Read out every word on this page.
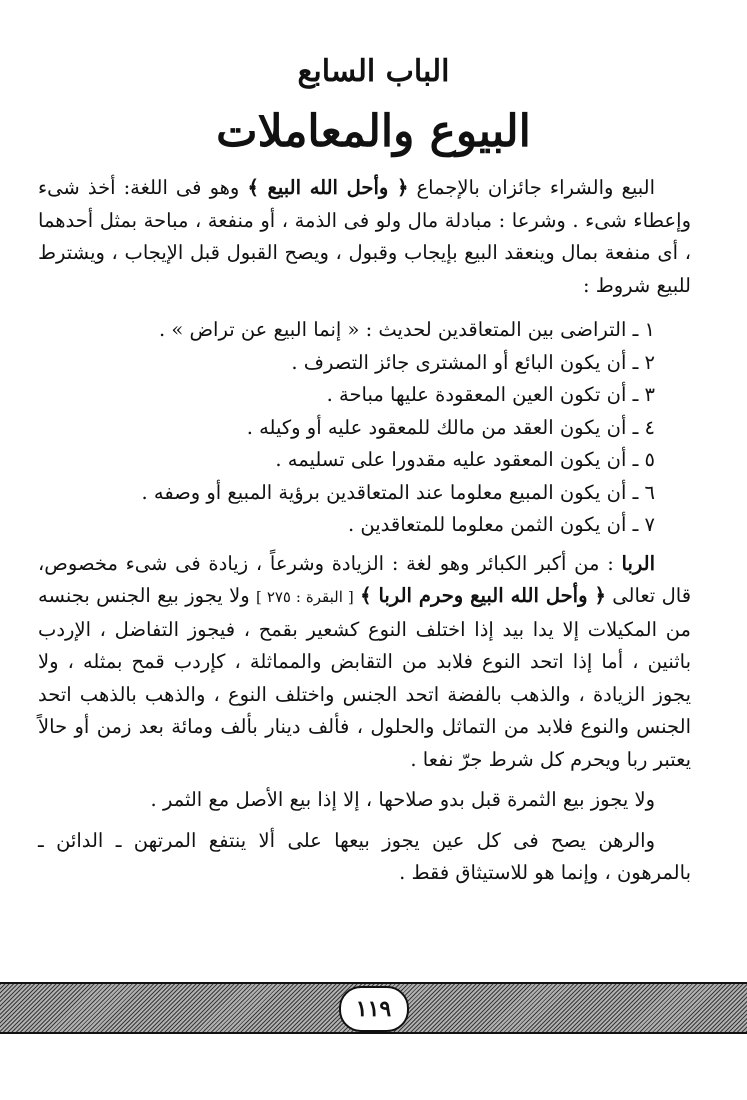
الباب السابع
البيوع والمعاملات

البيع والشراء جائزان بالإجماع ﴿ وأحل الله البيع ﴾ وهو فى اللغة: أخذ شىء وإعطاء شىء . وشرعا : مبادلة مال ولو فى الذمة ، أو منفعة ، مباحة بمثل أحدهما ، أى منفعة بمال وينعقد البيع بإيجاب وقبول ، ويصح القبول قبل الإيجاب ، ويشترط للبيع شروط :

١ ـ التراضى بين المتعاقدين لحديث : « إنما البيع عن تراض » .
٢ ـ أن يكون البائع أو المشترى جائز التصرف .
٣ ـ أن تكون العين المعقودة عليها مباحة .
٤ ـ أن يكون العقد من مالك للمعقود عليه أو وكيله .
٥ ـ أن يكون المعقود عليه مقدورا على تسليمه .
٦ ـ أن يكون المبيع معلوما عند المتعاقدين برؤية المبيع أو وصفه .
٧ ـ أن يكون الثمن معلوما للمتعاقدين .

الربا : من أكبر الكبائر وهو لغة : الزيادة وشرعاً ، زيادة فى شىء مخصوص، قال تعالى ﴿ وأحل الله البيع وحرم الربا ﴾ [ البقرة : ٢٧٥ ] ولا يجوز بيع الجنس بجنسه من المكيلات إلا يدا بيد إذا اختلف النوع كشعير بقمح ، فيجوز التفاضل ، الإردب باثنين ، أما إذا اتحد النوع فلابد من التقابض والمماثلة ، كإردب قمح بمثله ، ولا يجوز الزيادة ، والذهب بالفضة اتحد الجنس واختلف النوع ، والذهب بالذهب اتحد الجنس والنوع فلابد من التماثل والحلول ، فألف دينار بألف ومائة بعد زمن أو حالاً يعتبر ربا ويحرم كل شرط جرّ نفعا .

ولا يجوز بيع الثمرة قبل بدو صلاحها ، إلا إذا بيع الأصل مع الثمر .

والرهن يصح فى كل عين يجوز بيعها على ألا ينتفع المرتهن ـ الدائن ـ بالمرهون ، وإنما هو للاستيثاق فقط .

١١٩
